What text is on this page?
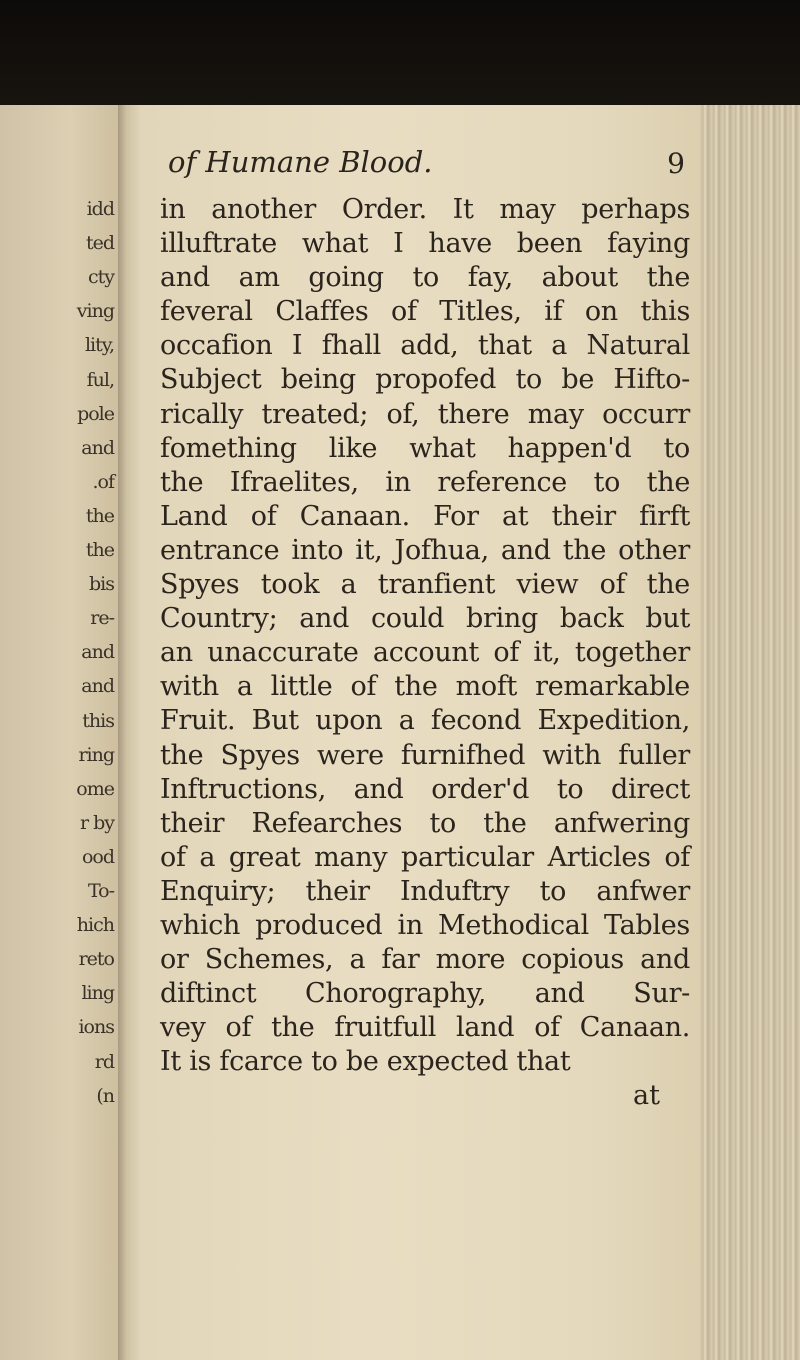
idd
ted
cty
ving
lity,
ful,
pole
and
.of
the
the
bis
re-
and
and
this
ring
ome
r by
ood
To-
hich
reto
ling
ions
rd
(n
of Humane Blood.	9
in another Order. It may perhaps
illuftrate what I have been faying
and am going to fay, about the
feveral Claffes of Titles, if on this
occafion I fhall add, that a Natural
Subject being propofed to be Hifto-
rically treated; of, there may occurr
fomething like what happen'd to
the Ifraelites, in reference to the
Land of Canaan. For at their firft
entrance into it, Jofhua, and the other
Spyes took a tranfient view of the
Country; and could bring back but
an unaccurate account of it, together
with a little of the moft remarkable
Fruit. But upon a fecond Expedition,
the Spyes were furnifhed with fuller
Inftructions, and order'd to direct
their Refearches to the anfwering
of a great many particular Articles of
Enquiry; their Induftry to anfwer
which produced in Methodical Tables
or Schemes, a far more copious and
diftinct Chorography, and Sur-
vey of the fruitfull land of Canaan.
It is fcarce to be expected that
at
